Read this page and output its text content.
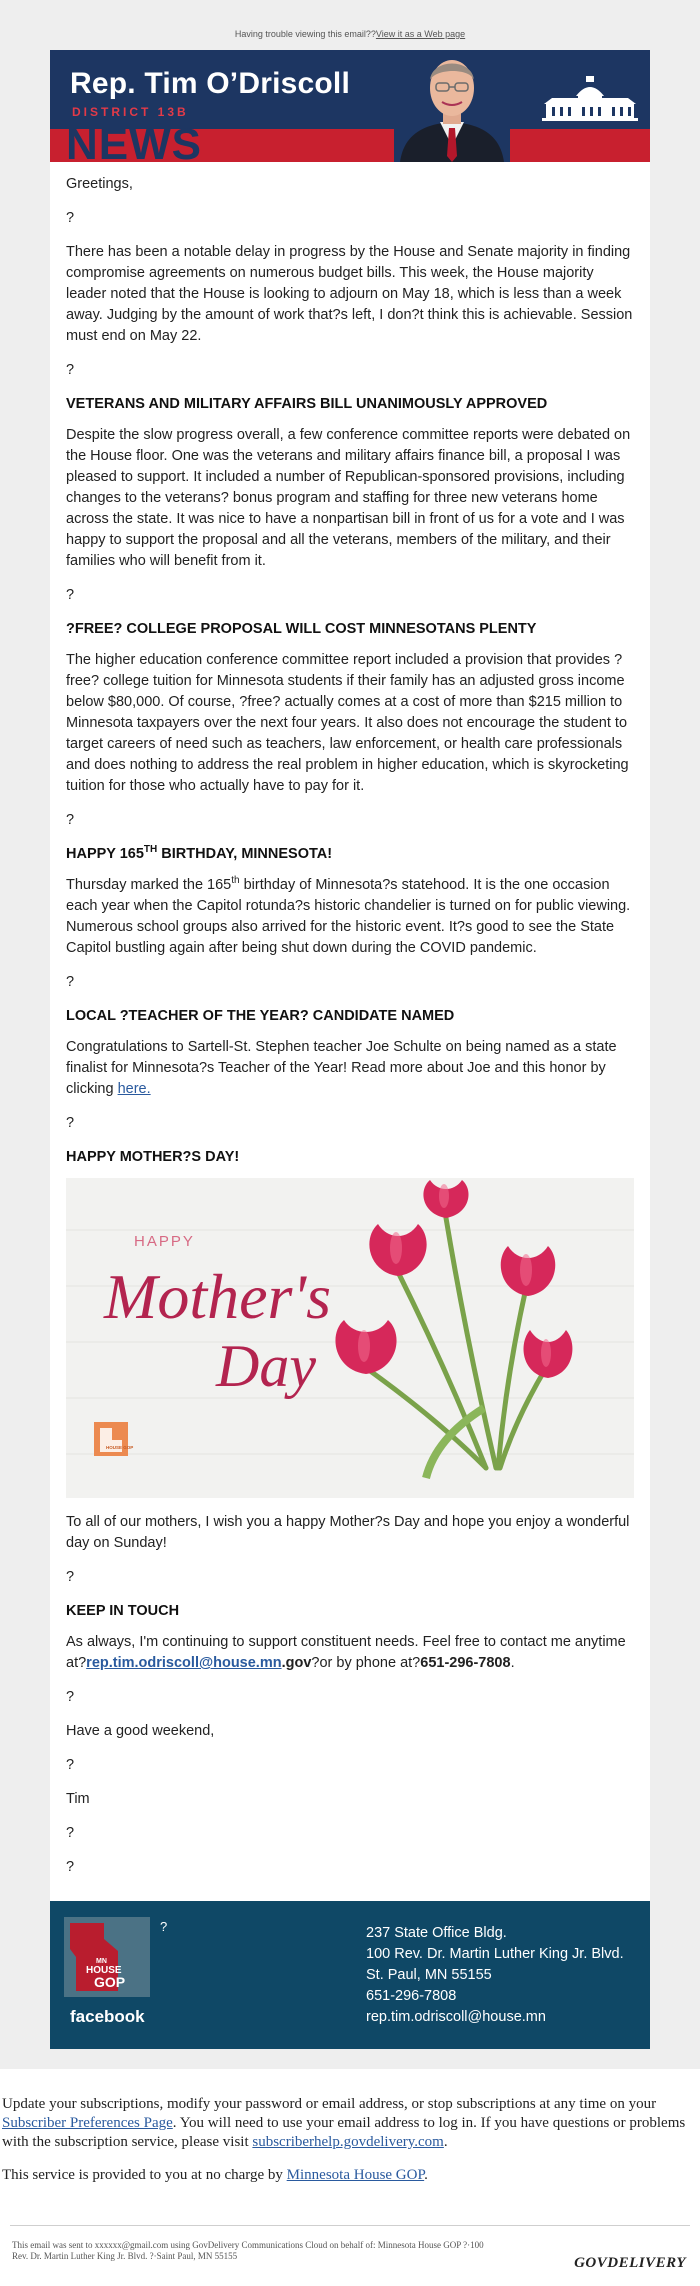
Having trouble viewing this email??View it as a Web page
Rep. Tim O’Driscoll
DISTRICT 13B
NEWS

Greetings,

?

There has been a notable delay in progress by the House and Senate majority in finding compromise agreements on numerous budget bills. This week, the House majority leader noted that the House is looking to adjourn on May 18, which is less than a week away. Judging by the amount of work that?s left, I don?t think this is achievable. Session must end on May 22.

?

VETERANS AND MILITARY AFFAIRS BILL UNANIMOUSLY APPROVED

Despite the slow progress overall, a few conference committee reports were debated on the House floor. One was the veterans and military affairs finance bill, a proposal I was pleased to support. It included a number of Republican-sponsored provisions, including changes to the veterans? bonus program and staffing for three new veterans home across the state. It was nice to have a nonpartisan bill in front of us for a vote and I was happy to support the proposal and all the veterans, members of the military, and their families who will benefit from it.

?

?FREE? COLLEGE PROPOSAL WILL COST MINNESOTANS PLENTY

The higher education conference committee report included a provision that provides ?free? college tuition for Minnesota students if their family has an adjusted gross income below $80,000. Of course, ?free? actually comes at a cost of more than $215 million to Minnesota taxpayers over the next four years. It also does not encourage the student to target careers of need such as teachers, law enforcement, or health care professionals and does nothing to address the real problem in higher education, which is skyrocketing tuition for those who actually have to pay for it.

?

HAPPY 165TH BIRTHDAY, MINNESOTA!

Thursday marked the 165th birthday of Minnesota?s statehood. It is the one occasion each year when the Capitol rotunda?s historic chandelier is turned on for public viewing. Numerous school groups also arrived for the historic event. It?s good to see the State Capitol bustling again after being shut down during the COVID pandemic.

?

LOCAL ?TEACHER OF THE YEAR? CANDIDATE NAMED

Congratulations to Sartell-St. Stephen teacher Joe Schulte on being named as a state finalist for Minnesota?s Teacher of the Year! Read more about Joe and this honor by clicking here.

?

HAPPY MOTHER?S DAY!
HAPPY
Mother's
Day
HOUSE GOP

To all of our mothers, I wish you a happy Mother?s Day and hope you enjoy a wonderful day on Sunday!

?

KEEP IN TOUCH

As always, I'm continuing to support constituent needs. Feel free to contact me anytime at?rep.tim.odriscoll@house.mn.gov?or by phone at?651-296-7808.

?

Have a good weekend,

?

Tim

?

?

MN
HOUSE
GOP
facebook
?	237 State Office Bldg.
100 Rev. Dr. Martin Luther King Jr. Blvd.
St. Paul, MN 55155
651-296-7808
rep.tim.odriscoll@house.mn

Update your subscriptions, modify your password or email address, or stop subscriptions at any time on your Subscriber Preferences Page. You will need to use your email address to log in. If you have questions or problems with the subscription service, please visit subscriberhelp.govdelivery.com.

This service is provided to you at no charge by Minnesota House GOP.

This email was sent to xxxxxx@gmail.com using GovDelivery Communications Cloud on behalf of: Minnesota House GOP ?·100
Rev. Dr. Martin Luther King Jr. Blvd. ?·Saint Paul, MN 55155	GOVDELIVERY
